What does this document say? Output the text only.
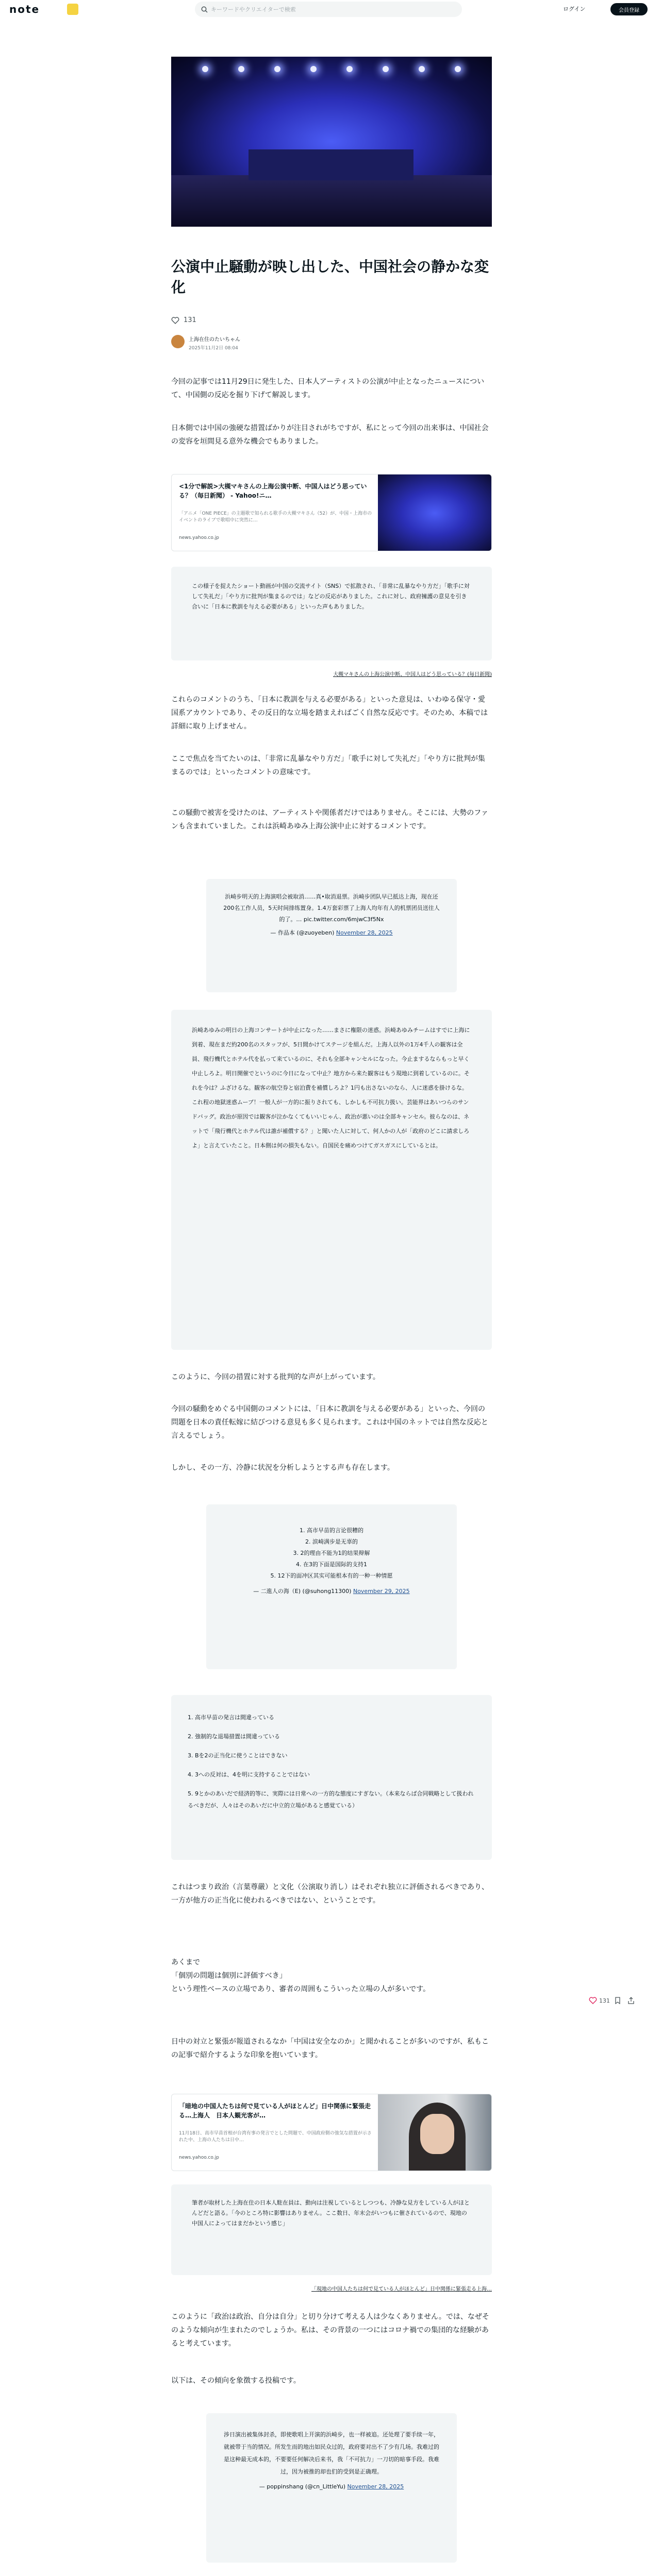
note	キーワードやクリエイターで検索	ログイン	会員登録
公演中止騒動が映し出した、中国社会の静かな変化
131
上海在住のたいちゃん
2025年11月2日 08:04
今回の記事では11月29日に発生した、日本人アーティストの公演が中止となったニュースについて、中国側の反応を掘り下げて解説します。
日本側では中国の強硬な措置ばかりが注目されがちですが、私にとって今回の出来事は、中国社会の変容を垣間見る意外な機会でもありました。
<1分で解説>大槻マキさんの上海公演中断、中国人はどう思っている？（毎日新聞） - Yahoo!ニ…
「アニメ「ONE PIECE」の主題歌で知られる歌手の大槻マキさん（52）が、中国・上海市のイベントのライブで歌唱中に突然に…
news.yahoo.co.jp
この様子を捉えたショート動画が中国の交流サイト（SNS）で拡散され、「非常に乱暴なやり方だ」「歌手に対して失礼だ」「やり方に批判が集まるのでは」などの反応がありました。これに対し、政府擁護の意見を引き合いに「日本に教訓を与える必要がある」といった声もありました。
大槻マキさんの上海公演中断、中国人はどう思っている？(毎日新聞)
これらのコメントのうち、「日本に教訓を与える必要がある」といった意見は、いわゆる保守・愛国系アカウントであり、その反日的な立場を踏まえればごく自然な反応です。そのため、本稿では詳細に取り上げません。
ここで焦点を当てたいのは、「非常に乱暴なやり方だ」「歌手に対して失礼だ」「やり方に批判が集まるのでは」といったコメントの意味です。
この騒動で被害を受けたのは、アーティストや関係者だけではありません。そこには、大勢のファンも含まれていました。これは浜崎あゆみ上海公演中止に対するコメントです。
浜崎步明天的上海演唱会被取消……真•取消退票。浜崎步团队早已抵达上海，现在还200名工作人员，5天时间排练置身。1.4万套彩票了上海人均年有人的机票团员送往人的了。… pic.twitter.com/6mjwC3f5Nx
— 作品本 (@zuoyeben) November 28, 2025
浜崎あゆみの明日の上海コンサートが中止になった……まさに権限の迷惑。浜崎あゆみチームはすでに上海に到着、現在まだ約200名のスタッフが、5日間かけてステージを組んだ。上海人以外の1万4千人の観客は全員、飛行機代とホテル代を払って来ているのに、それも全部キャンセルになった。今止まするならもっと早く中止しろよ。明日開催でというのに今日になって中止？地方から来た観客はもう現地に到着しているのに。それを今は？ふざけるな。観客の航空券と宿泊費を補償しろよ？1円も出さないのなら、人に迷惑を掛けるな。これ程の地獄迷惑ムーブ！一般人が一方的に振りされても、しかしも不可抗力扱い。芸能界はあいつらのサンドバッグ。政治が原因では観客が泣かなくてもいいじゃん、政治が悪いのは全部キャンセル。彼らなのは、ネットで「飛行機代とホテル代は誰が補償する？」と聞いた人に対して、何人かの人が「政府のどこに請求しろよ」と言えていたこと。日本側は何の損失もない。自国民を痛めつけてガスガスにしているとは。
このように、今回の措置に対する批判的な声が上がっています。
今回の騒動をめぐる中国側のコメントには、「日本に教訓を与える必要がある」といった、今回の問題を日本の責任転嫁に結びつける意見も多く見られます。これは中国のネットでは自然な反応と言えるでしょう。
しかし、その一方、冷静に状況を分析しようとする声も存在します。
1. 高市早苗的言论很糟的
2. 滨崎满步是无辜的
3. 2的理由不能为1的结果辩解
4. 在3的下面是国际的支持1
5. 12下的面冲区其实可能根本有的一种一种情愿
— 二進人の海（E) (@suhong11300) November 29, 2025
1. 高市早苗の発言は間違っている
2. 強制的な退場措置は間違っている
3. Bを2の正当化に使うことはできない
4. 3への反対は、4を明に支持することではない
5. 9とかのあいだで経済的等に、実際には日常への一方的な態度にすぎない。（本来ならば合同戦略として扱われるべきだが、人々はそのあいだに中立的立場があると感覚ている）
これはつまり政治（言葉尊嚴）と文化（公演取り消し）はそれぞれ独立に評価されるべきであり、一方が他方の正当化に使われるべきではない、ということです。
あくまで
「個別の問題は個別に評価すべき」
という理性ベースの立場であり、審者の周囲もこういった立場の人が多いです。
日中の対立と緊張が報道されるなか「中国は安全なのか」と聞かれることが多いのですが、私もこの記事で紹介するような印象を抱いています。
「暗地の中国人たちは何で見ている人がほとんど」日中関係に緊張走る…上海人　日本人観光客が…
11月18日、高市早苗首相が台湾有事の発言でとした問題で、中国政府側の強気な措置が示された中、上海の人たちは日中…
news.yahoo.co.jp
筆者が取材した上海在住の日本人駐在員は、動向は注視しているとしつつも、冷静な見方をしている人がほとんどだと語る。「今のところ特に影響はありません。ここ数日、年末会がいつもに催されているので、現地の中国人によってはまだかという感じ」
「現地の中国人たちは何で見ている人がほとんど」日中関係に緊張走る上海…
このように「政治は政治、自分は自分」と切り分けて考える人は少なくありません。では、なぜそのような傾向が生まれたのでしょうか。私は、その背景の一つにはコロナ禍での集団的な経験があると考えています。
以下は、その傾向を象徴する投稿です。
涉日演出被集体封杀，即使歌唱上开演的浜崎步，也一样被追。还处理了要手续一年，就被带于当的情况。所发生而的地出如民众过的，政府要对出不了少有几场。我难过的是这种最无成本的，不要要任何解决后来书，我「不可抗力」一刀切的暗事手段。我难过，因为被推的却也们的受到是正确理。
— poppinshang (@cn_LittleYu) November 28, 2025
131
